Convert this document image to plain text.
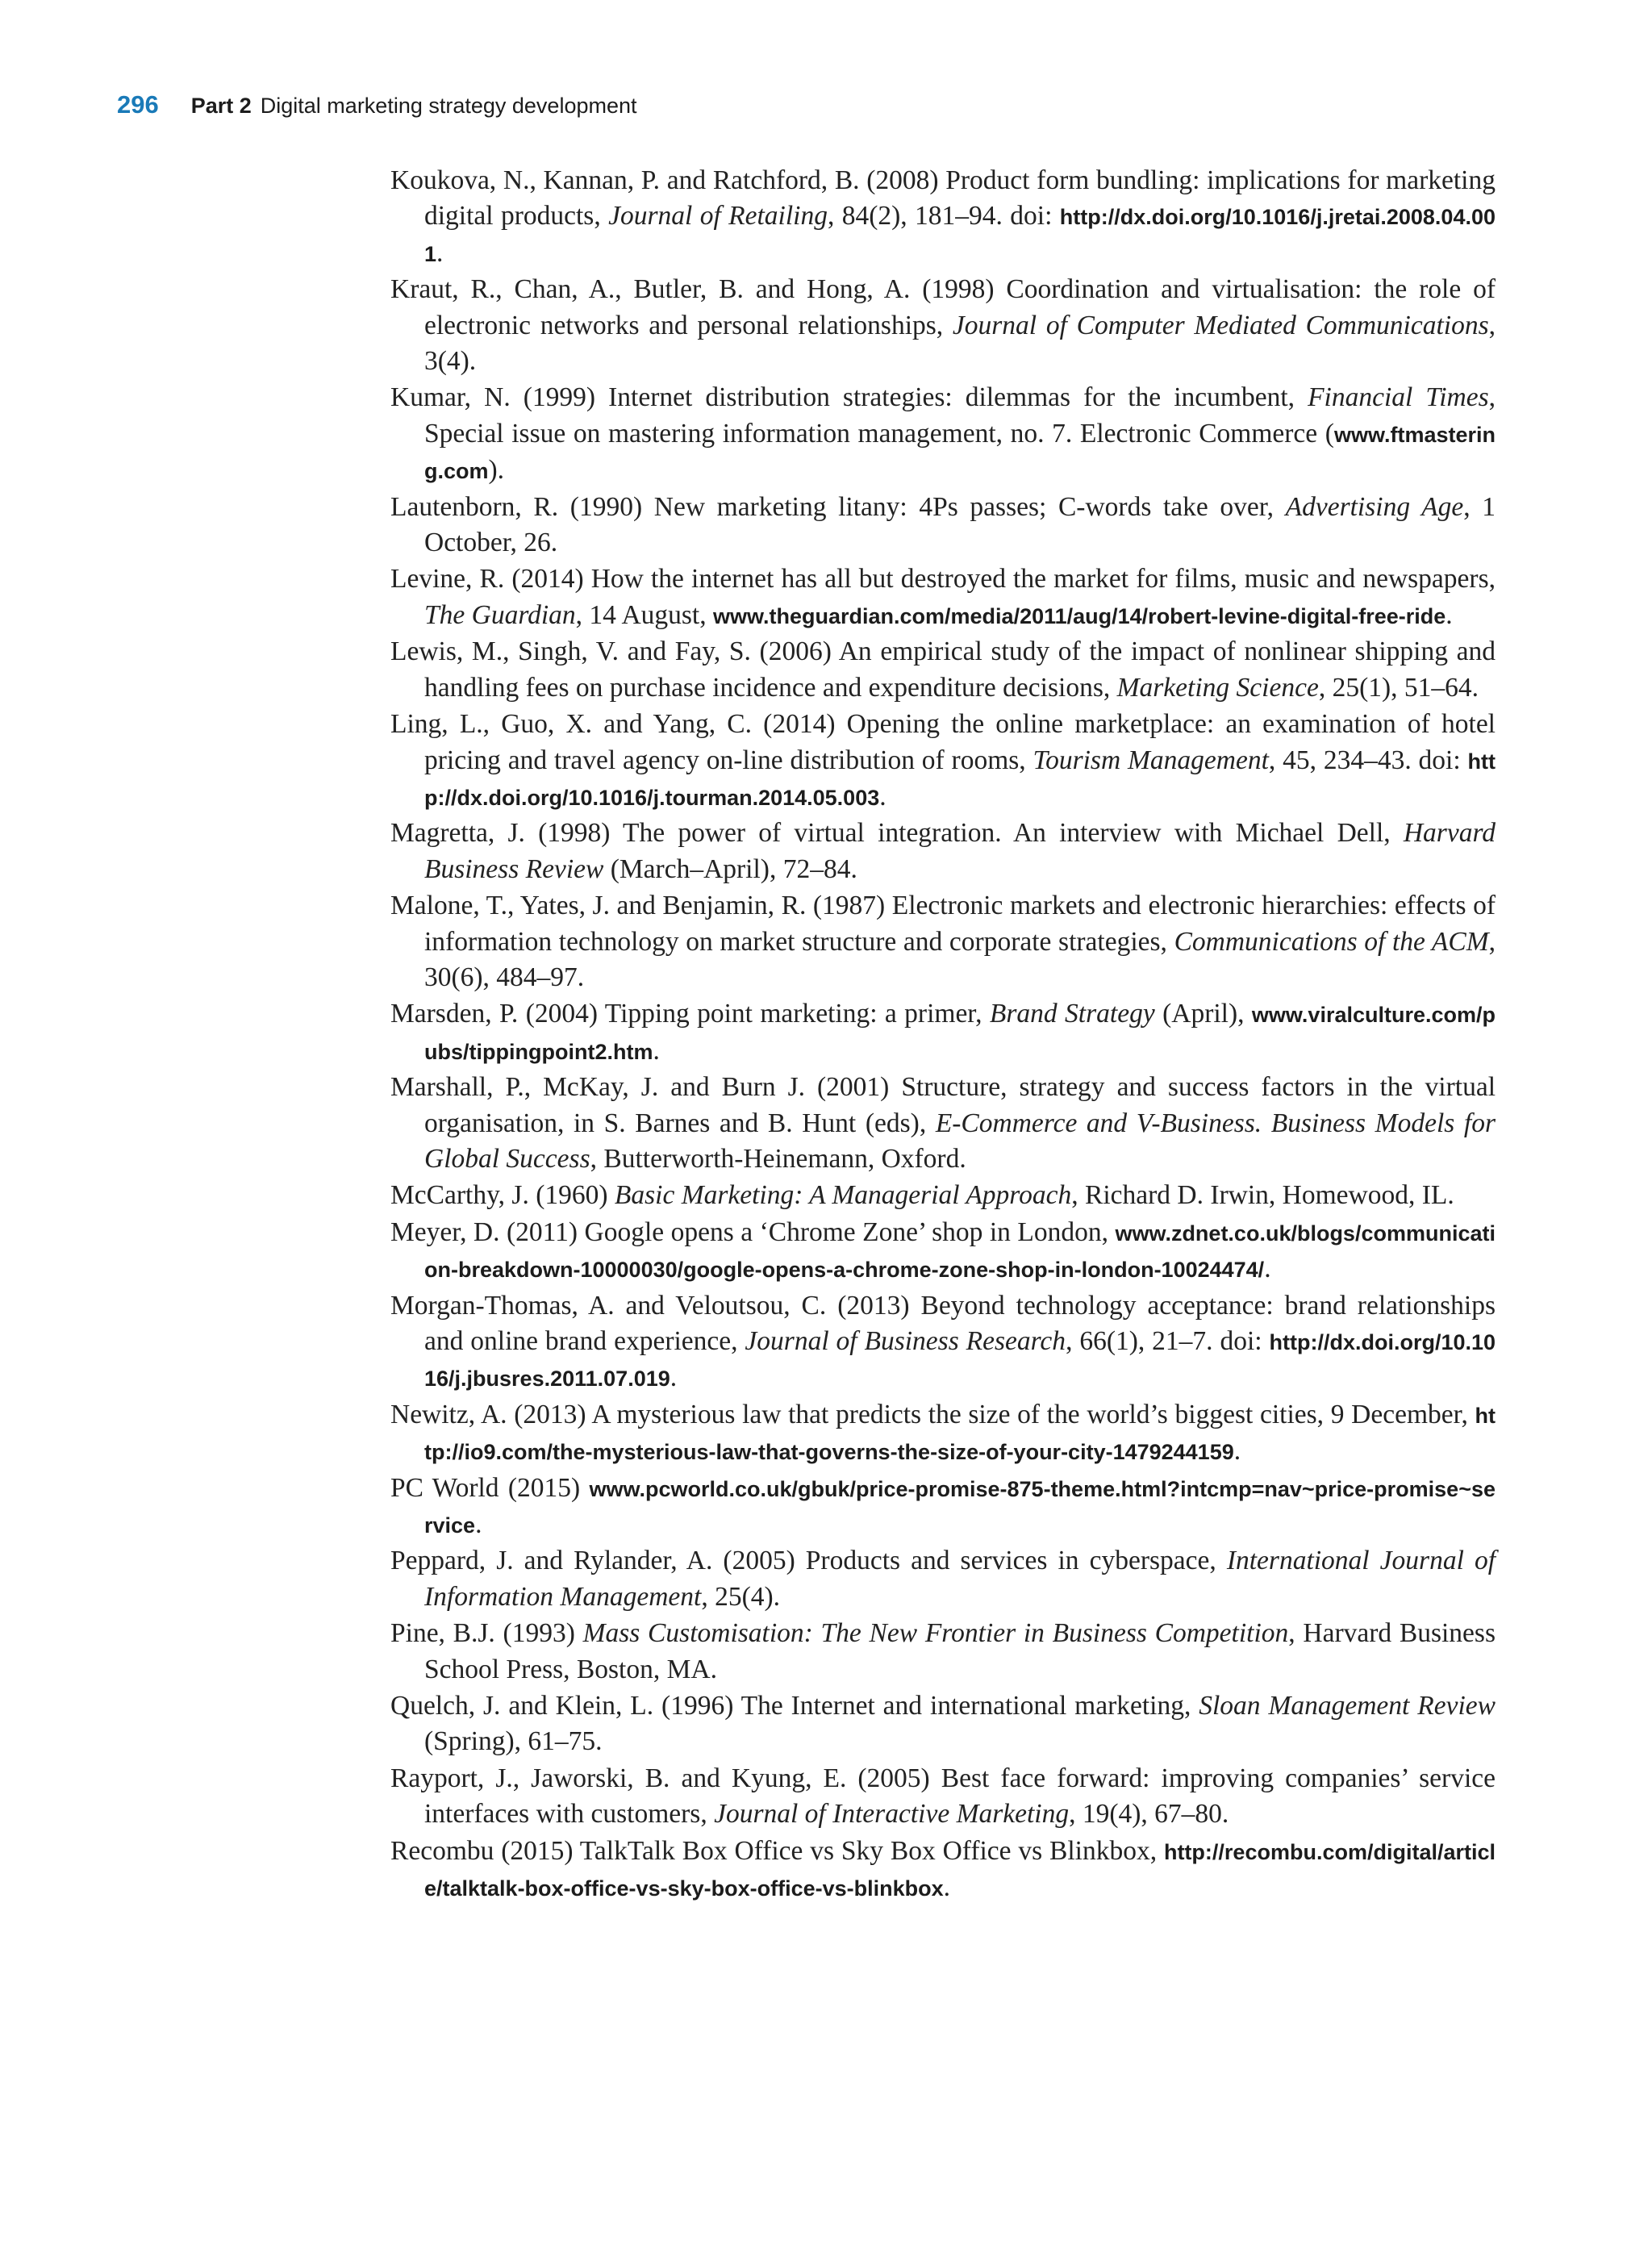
296 Part 2 Digital marketing strategy development
Koukova, N., Kannan, P. and Ratchford, B. (2008) Product form bundling: implications for marketing digital products, Journal of Retailing, 84(2), 181–94. doi: http://dx.doi.org/10.1016/j.jretai.2008.04.001.
Kraut, R., Chan, A., Butler, B. and Hong, A. (1998) Coordination and virtualisation: the role of electronic networks and personal relationships, Journal of Computer Mediated Communications, 3(4).
Kumar, N. (1999) Internet distribution strategies: dilemmas for the incumbent, Financial Times, Special issue on mastering information management, no. 7. Electronic Commerce (www.ftmastering.com).
Lautenborn, R. (1990) New marketing litany: 4Ps passes; C-words take over, Advertising Age, 1 October, 26.
Levine, R. (2014) How the internet has all but destroyed the market for films, music and newspapers, The Guardian, 14 August, www.theguardian.com/media/2011/aug/14/robert-levine-digital-free-ride.
Lewis, M., Singh, V. and Fay, S. (2006) An empirical study of the impact of nonlinear shipping and handling fees on purchase incidence and expenditure decisions, Marketing Science, 25(1), 51–64.
Ling, L., Guo, X. and Yang, C. (2014) Opening the online marketplace: an examination of hotel pricing and travel agency on-line distribution of rooms, Tourism Management, 45, 234–43. doi: http://dx.doi.org/10.1016/j.tourman.2014.05.003.
Magretta, J. (1998) The power of virtual integration. An interview with Michael Dell, Harvard Business Review (March–April), 72–84.
Malone, T., Yates, J. and Benjamin, R. (1987) Electronic markets and electronic hierarchies: effects of information technology on market structure and corporate strategies, Communications of the ACM, 30(6), 484–97.
Marsden, P. (2004) Tipping point marketing: a primer, Brand Strategy (April), www.viralculture.com/pubs/tippingpoint2.htm.
Marshall, P., McKay, J. and Burn J. (2001) Structure, strategy and success factors in the virtual organisation, in S. Barnes and B. Hunt (eds), E-Commerce and V-Business. Business Models for Global Success, Butterworth-Heinemann, Oxford.
McCarthy, J. (1960) Basic Marketing: A Managerial Approach, Richard D. Irwin, Homewood, IL.
Meyer, D. (2011) Google opens a ‘Chrome Zone’ shop in London, www.zdnet.co.uk/blogs/communication-breakdown-10000030/google-opens-a-chrome-zone-shop-in-london-10024474/.
Morgan-Thomas, A. and Veloutsou, C. (2013) Beyond technology acceptance: brand relationships and online brand experience, Journal of Business Research, 66(1), 21–7. doi: http://dx.doi.org/10.1016/j.jbusres.2011.07.019.
Newitz, A. (2013) A mysterious law that predicts the size of the world’s biggest cities, 9 December, http://io9.com/the-mysterious-law-that-governs-the-size-of-your-city-1479244159.
PC World (2015) www.pcworld.co.uk/gbuk/price-promise-875-theme.html?intcmp=nav~price-promise~service.
Peppard, J. and Rylander, A. (2005) Products and services in cyberspace, International Journal of Information Management, 25(4).
Pine, B.J. (1993) Mass Customisation: The New Frontier in Business Competition, Harvard Business School Press, Boston, MA.
Quelch, J. and Klein, L. (1996) The Internet and international marketing, Sloan Management Review (Spring), 61–75.
Rayport, J., Jaworski, B. and Kyung, E. (2005) Best face forward: improving companies’ service interfaces with customers, Journal of Interactive Marketing, 19(4), 67–80.
Recombu (2015) TalkTalk Box Office vs Sky Box Office vs Blinkbox, http://recombu.com/digital/article/talktalk-box-office-vs-sky-box-office-vs-blinkbox.
